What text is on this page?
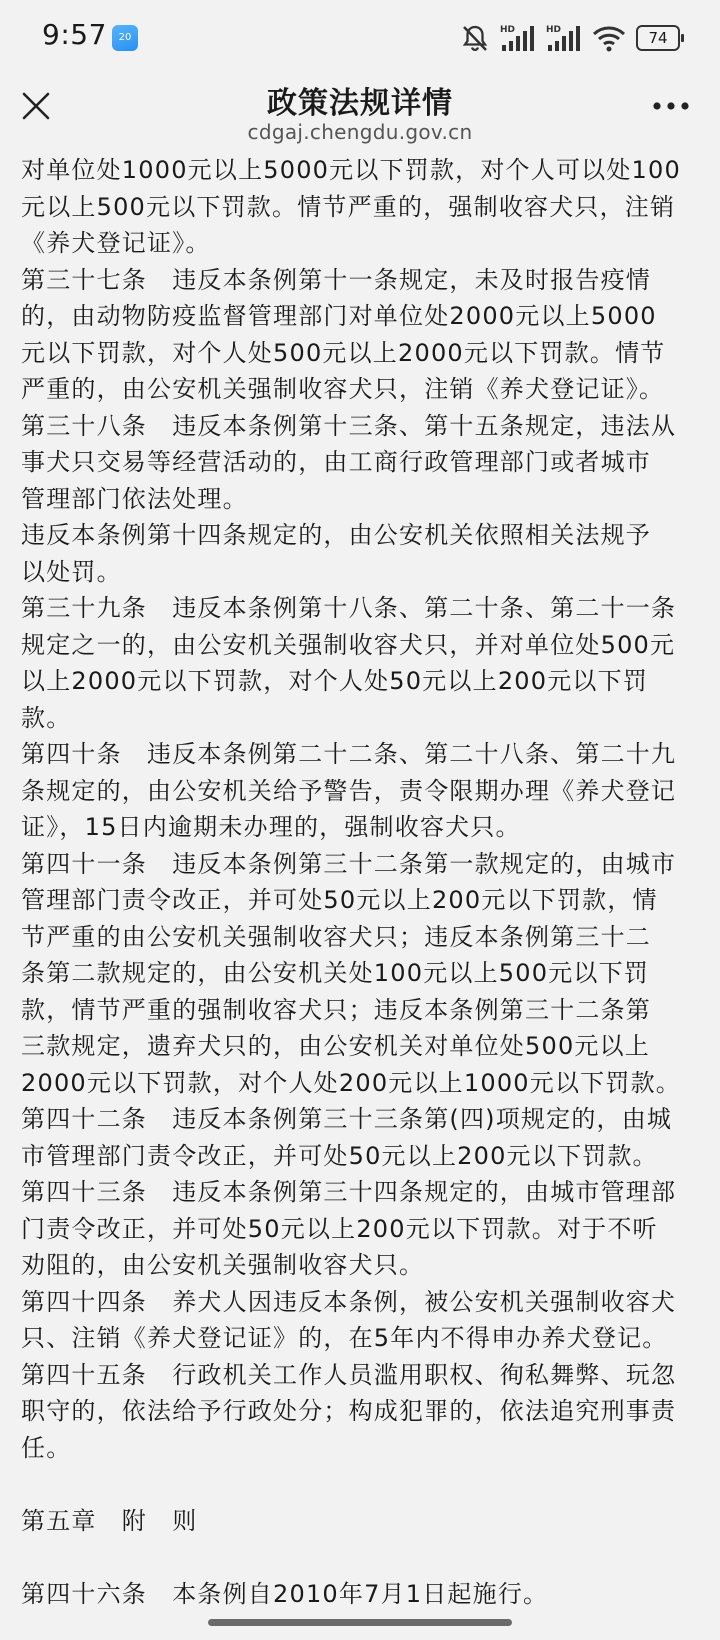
9:57	20
HD	HD	74
政策法规详情
cdgaj.chengdu.gov.cn

对单位处1000元以上5000元以下罚款，对个人可以处100

元以上500元以下罚款。情节严重的，强制收容犬只，注销

《养犬登记证》。

第三十七条　违反本条例第十一条规定，未及时报告疫情

的，由动物防疫监督管理部门对单位处2000元以上5000

元以下罚款，对个人处500元以上2000元以下罚款。情节

严重的，由公安机关强制收容犬只，注销《养犬登记证》。

第三十八条　违反本条例第十三条、第十五条规定，违法从

事犬只交易等经营活动的，由工商行政管理部门或者城市

管理部门依法处理。

违反本条例第十四条规定的，由公安机关依照相关法规予

以处罚。

第三十九条　违反本条例第十八条、第二十条、第二十一条

规定之一的，由公安机关强制收容犬只，并对单位处500元

以上2000元以下罚款，对个人处50元以上200元以下罚

款。

第四十条　违反本条例第二十二条、第二十八条、第二十九

条规定的，由公安机关给予警告，责令限期办理《养犬登记

证》，15日内逾期未办理的，强制收容犬只。

第四十一条　违反本条例第三十二条第一款规定的，由城市

管理部门责令改正，并可处50元以上200元以下罚款，情

节严重的由公安机关强制收容犬只；违反本条例第三十二

条第二款规定的，由公安机关处100元以上500元以下罚

款，情节严重的强制收容犬只；违反本条例第三十二条第

三款规定，遗弃犬只的，由公安机关对单位处500元以上

2000元以下罚款，对个人处200元以上1000元以下罚款。

第四十二条　违反本条例第三十三条第(四)项规定的，由城

市管理部门责令改正，并可处50元以上200元以下罚款。

第四十三条　违反本条例第三十四条规定的，由城市管理部

门责令改正，并可处50元以上200元以下罚款。对于不听

劝阻的，由公安机关强制收容犬只。

第四十四条　养犬人因违反本条例，被公安机关强制收容犬

只、注销《养犬登记证》的，在5年内不得申办养犬登记。

第四十五条　行政机关工作人员滥用职权、徇私舞弊、玩忽

职守的，依法给予行政处分；构成犯罪的，依法追究刑事责

任。

第五章　附　则

第四十六条　本条例自2010年7月1日起施行。
